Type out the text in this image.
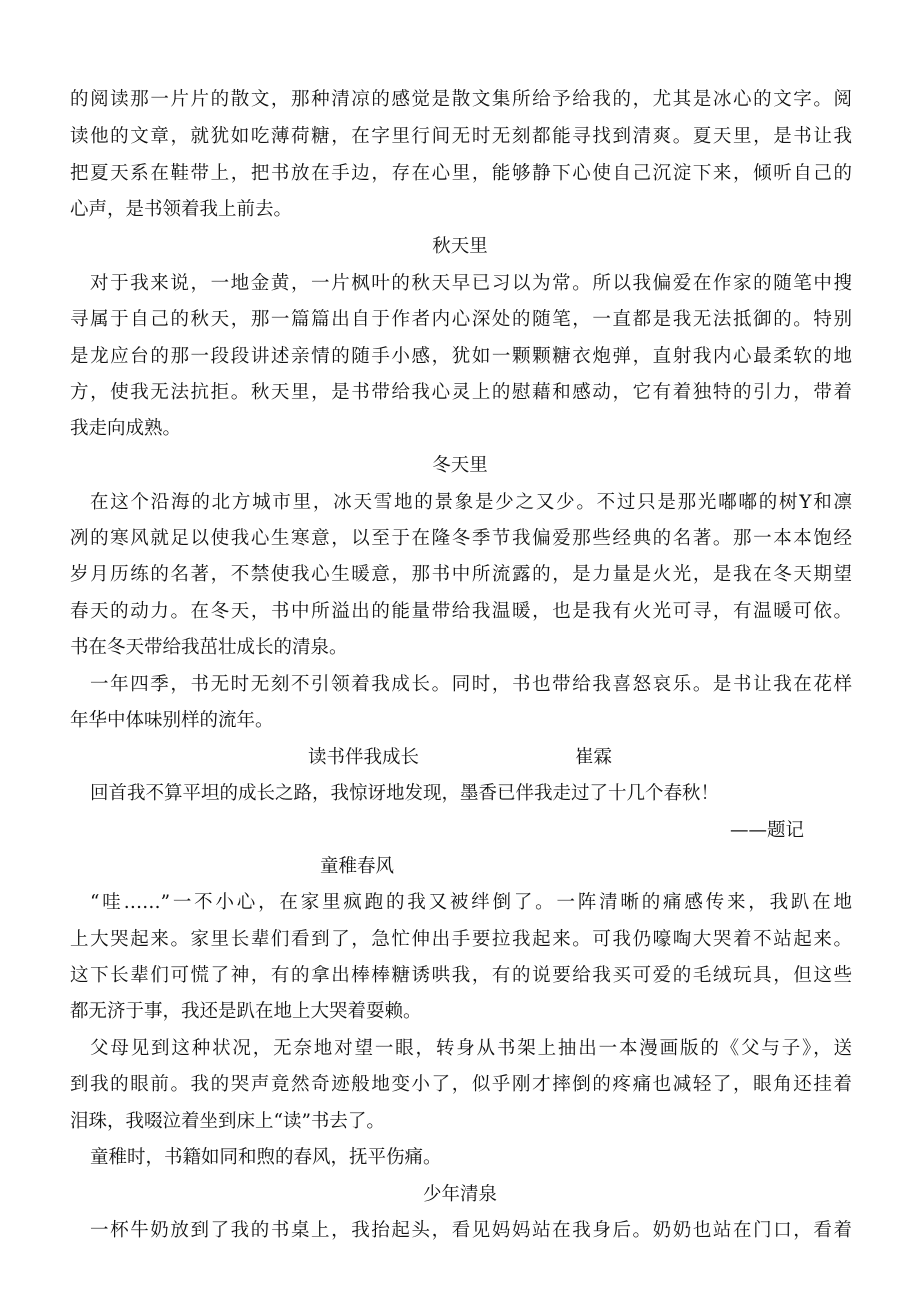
的阅读那一片片的散文，那种清凉的感觉是散文集所给予给我的，尤其是冰心的文字。阅
读他的文章，就犹如吃薄荷糖，在字里行间无时无刻都能寻找到清爽。夏天里，是书让我
把夏天系在鞋带上，把书放在手边，存在心里，能够静下心使自己沉淀下来，倾听自己的
心声，是书领着我上前去。
秋天里
对于我来说，一地金黄，一片枫叶的秋天早已习以为常。所以我偏爱在作家的随笔中搜
寻属于自己的秋天，那一篇篇出自于作者内心深处的随笔，一直都是我无法抵御的。特别
是龙应台的那一段段讲述亲情的随手小感，犹如一颗颗糖衣炮弹，直射我内心最柔软的地
方，使我无法抗拒。秋天里，是书带给我心灵上的慰藉和感动，它有着独特的引力，带着
我走向成熟。
冬天里
在这个沿海的北方城市里，冰天雪地的景象是少之又少。不过只是那光嘟嘟的树Y和凛
冽的寒风就足以使我心生寒意，以至于在隆冬季节我偏爱那些经典的名著。那一本本饱经
岁月历练的名著，不禁使我心生暖意，那书中所流露的，是力量是火光，是我在冬天期望
春天的动力。在冬天，书中所溢出的能量带给我温暖，也是我有火光可寻，有温暖可依。
书在冬天带给我茁壮成长的清泉。
一年四季，书无时无刻不引领着我成长。同时，书也带给我喜怒哀乐。是书让我在花样
年华中体味别样的流年。
读书伴我成长	崔霖
回首我不算平坦的成长之路，我惊讶地发现，墨香已伴我走过了十几个春秋！
——题记
童稚春风
“哇……”一不小心，在家里疯跑的我又被绊倒了。一阵清晰的痛感传来，我趴在地
上大哭起来。家里长辈们看到了，急忙伸出手要拉我起来。可我仍嚎啕大哭着不站起来。
这下长辈们可慌了神，有的拿出棒棒糖诱哄我，有的说要给我买可爱的毛绒玩具，但这些
都无济于事，我还是趴在地上大哭着耍赖。
父母见到这种状况，无奈地对望一眼，转身从书架上抽出一本漫画版的《父与子》，送
到我的眼前。我的哭声竟然奇迹般地变小了，似乎刚才摔倒的疼痛也减轻了，眼角还挂着
泪珠，我啜泣着坐到床上“读”书去了。
童稚时，书籍如同和煦的春风，抚平伤痛。
少年清泉
一杯牛奶放到了我的书桌上，我抬起头，看见妈妈站在我身后。奶奶也站在门口，看着
